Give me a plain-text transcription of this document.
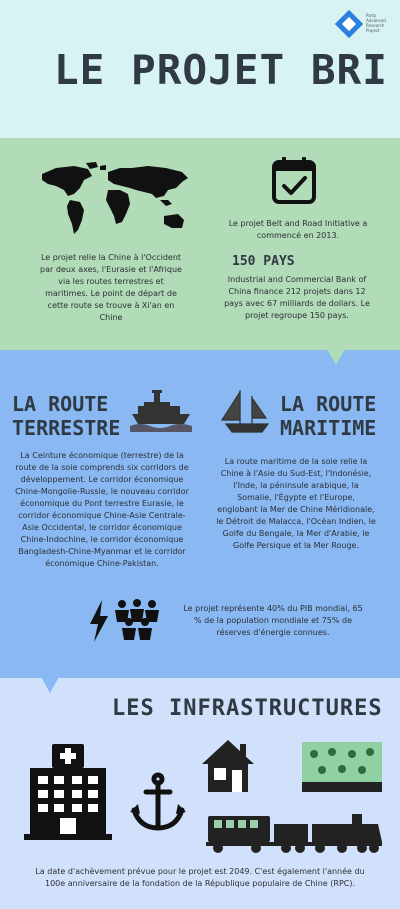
LE PROJET BRI
Party
Advanced
Research
Project

Le projet relie la Chine à l'Occident par deux axes, l'Eurasie et l'Afrique via les routes terrestres et maritimes. Le point de départ de cette route se trouve à Xi'an en Chine

Le projet Belt and Road Initiative a commencé en 2013.

150 PAYS

Industrial and Commercial Bank of China finance 212 projets dans 12 pays avec 67 milliards de dollars. Le projet regroupe 150 pays.

LA ROUTE
TERRESTRE
LA ROUTE
MARITIME

La Ceinture économique (terrestre) de la route de la soie comprends six corridors de développement. Le corridor économique Chine-Mongolie-Russie, le nouveau corridor économique du Pont terrestre Eurasie, le corridor économique Chine-Asie Centrale-Asie Occidental, le corridor économique Chine-Indochine, le corridor économique Bangladesh-Chine-Myanmar et le corridor économique Chine-Pakistan.

La route maritime de la soie relie la Chine à l'Asie du Sud-Est, l'Indonésie, l'Inde, la péninsule arabique, la Somalie, l'Égypte et l'Europe, englobant la Mer de Chine Méridionale, le Détroit de Malacca, l'Océan Indien, le Golfe du Bengale, la Mer d'Arabie, le Golfe Persique et la Mer Rouge.

Le projet représente 40% du PIB mondial, 65 % de la population mondiale et 75% de réserves d'énergie connues.

LES INFRASTRUCTURES

La date d'achèvement prévue pour le projet est 2049. C'est également l'année du 100e anniversaire de la fondation de la République populaire de Chine (RPC).
